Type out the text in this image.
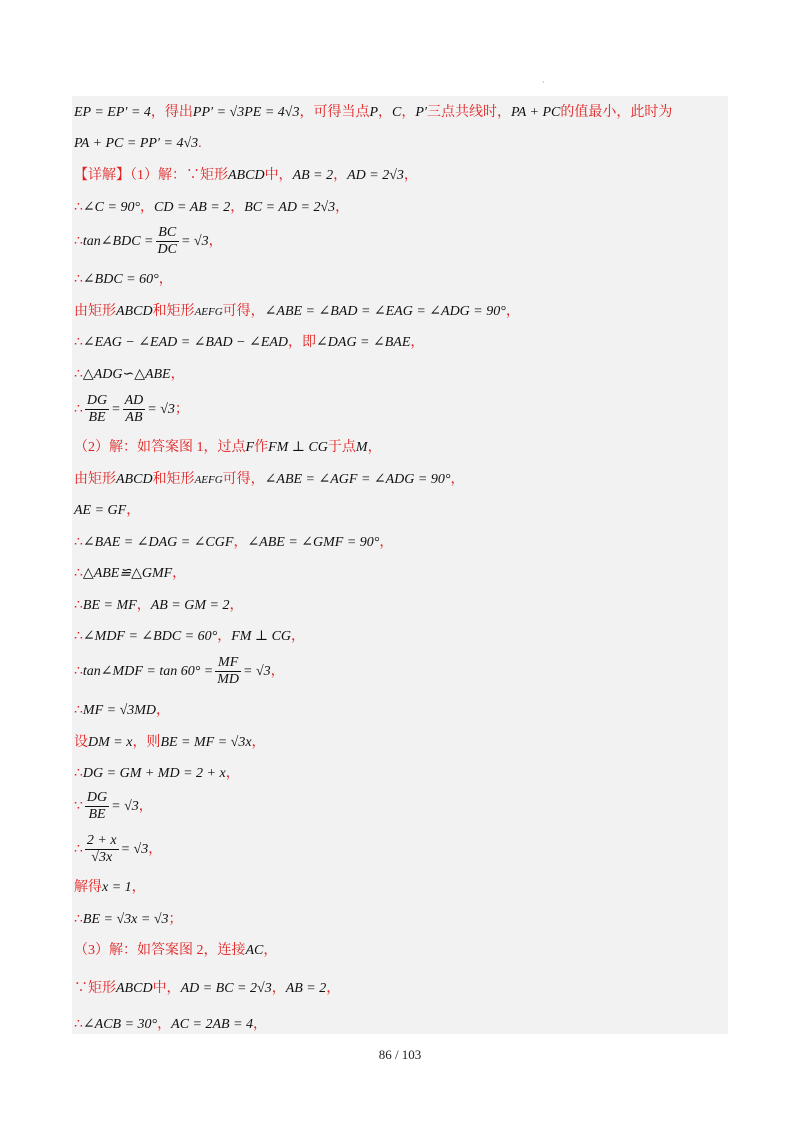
·
EP = EP′ = 4，得出PP′ = √3PE = 4√3，可得当点P，C，P′三点共线时，PA + PC的值最小，此时为
PA + PC = PP′ = 4√3.
【详解】（1）解：∵矩形ABCD中，AB = 2，AD = 2√3，
∴∠C = 90°，CD = AB = 2，BC = AD = 2√3，
∴tan∠BDC = $\frac{BC}{DC} = √3$，
∴∠BDC = 60°，
由矩形ABCD和矩形AEFG可得，∠ABE = ∠BAD = ∠EAG = ∠ADG = 90°，
∴∠EAG − ∠EAD = ∠BAD − ∠EAD，即∠DAG = ∠BAE，
∴△ADG∽△ABE，
∴ $\frac{DG}{BE} = \frac{AD}{AB} = √3$；
（2）解：如答案图 1，过点F作FM ⊥ CG于点M，
由矩形ABCD和矩形AEFG可得，∠ABE = ∠AGF = ∠ADG = 90°，
AE = GF，
∴∠BAE = ∠DAG = ∠CGF，∠ABE = ∠GMF = 90°，
∴△ABE≌△GMF，
∴BE = MF，AB = GM = 2，
∴∠MDF = ∠BDC = 60°，FM ⊥ CG，
∴tan∠MDF = $\tan 60^\circ = \frac{MF}{MD} = √3$，
∴MF = √3MD，
设DM = x，则BE = MF = √3x，
∴DG = GM + MD = 2 + x，
∵ $\frac{DG}{BE} = √3$，
∴ $\frac{2 + x}{√3x} = √3$，
解得x = 1，
∴BE = √3x = √3；
（3）解：如答案图 2，连接AC，
∵矩形ABCD中，AD = BC = 2√3，AB = 2，
∴∠ACB = 30°，AC = 2AB = 4，
86 / 103
